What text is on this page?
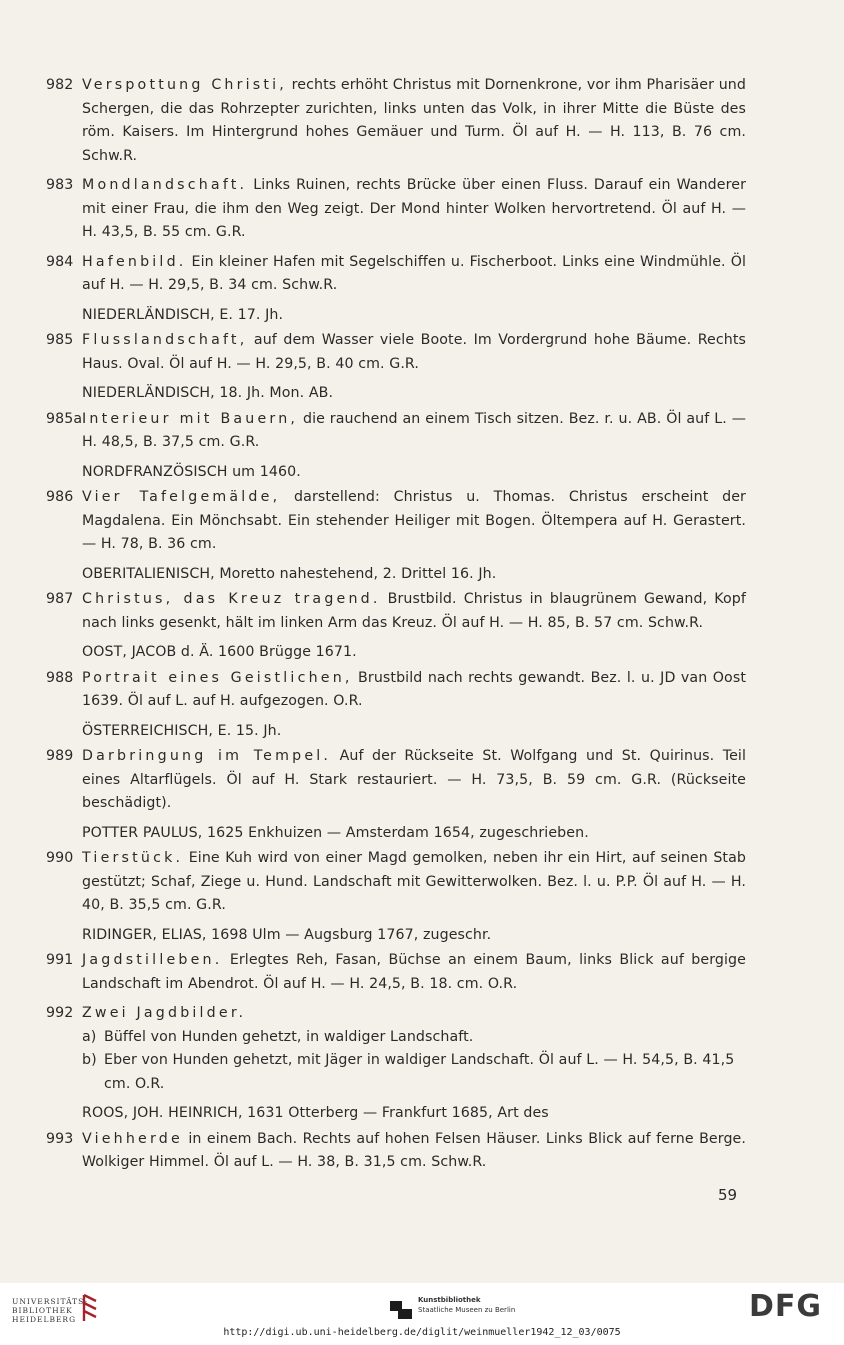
982 Verspottung Christi, rechts erhöht Christus mit Dornenkrone, vor ihm Pharisäer und Schergen, die das Rohrzepter zurichten, links unten das Volk, in ihrer Mitte die Büste des röm. Kaisers. Im Hintergrund hohes Gemäuer und Turm. Öl auf H. — H. 113, B. 76 cm. Schw.R.
983 Mondlandschaft. Links Ruinen, rechts Brücke über einen Fluss. Darauf ein Wanderer mit einer Frau, die ihm den Weg zeigt. Der Mond hinter Wolken hervortretend. Öl auf H. — H. 43,5, B. 55 cm. G.R.
984 Hafenbild. Ein kleiner Hafen mit Segelschiffen u. Fischerboot. Links eine Windmühle. Öl auf H. — H. 29,5, B. 34 cm. Schw.R.
NIEDERLÄNDISCH, E. 17. Jh.
985 Flusslandschaft, auf dem Wasser viele Boote. Im Vordergrund hohe Bäume. Rechts Haus. Oval. Öl auf H. — H. 29,5, B. 40 cm. G.R.
NIEDERLÄNDISCH, 18. Jh. Mon. AB.
985a Interieur mit Bauern, die rauchend an einem Tisch sitzen. Bez. r. u. AB. Öl auf L. — H. 48,5, B. 37,5 cm. G.R.
NORDFRANZÖSISCH um 1460.
986 Vier Tafelgemälde, darstellend: Christus u. Thomas. Christus erscheint der Magdalena. Ein Mönchsabt. Ein stehender Heiliger mit Bogen. Öltempera auf H. Gerastert. — H. 78, B. 36 cm.
OBERITALIENISCH, Moretto nahestehend, 2. Drittel 16. Jh.
987 Christus, das Kreuz tragend. Brustbild. Christus in blaugrünem Gewand, Kopf nach links gesenkt, hält im linken Arm das Kreuz. Öl auf H. — H. 85, B. 57 cm. Schw.R.
OOST, JACOB d. Ä. 1600 Brügge 1671.
988 Portrait eines Geistlichen, Brustbild nach rechts gewandt. Bez. l. u. JD van Oost 1639. Öl auf L. auf H. aufgezogen. O.R.
ÖSTERREICHISCH, E. 15. Jh.
989 Darbringung im Tempel. Auf der Rückseite St. Wolfgang und St. Quirinus. Teil eines Altarflügels. Öl auf H. Stark restauriert. — H. 73,5, B. 59 cm. G.R. (Rückseite beschädigt).
POTTER PAULUS, 1625 Enkhuizen — Amsterdam 1654, zugeschrieben.
990 Tierstück. Eine Kuh wird von einer Magd gemolken, neben ihr ein Hirt, auf seinen Stab gestützt; Schaf, Ziege u. Hund. Landschaft mit Gewitterwolken. Bez. l. u. P.P. Öl auf H. — H. 40, B. 35,5 cm. G.R.
RIDINGER, ELIAS, 1698 Ulm — Augsburg 1767, zugeschr.
991 Jagdstilleben. Erlegtes Reh, Fasan, Büchse an einem Baum, links Blick auf bergige Landschaft im Abendrot. Öl auf H. — H. 24,5, B. 18. cm. O.R.
992 Zwei Jagdbilder.
a) Büffel von Hunden gehetzt, in waldiger Landschaft.
b) Eber von Hunden gehetzt, mit Jäger in waldiger Landschaft. Öl auf L. — H. 54,5, B. 41,5 cm. O.R.
ROOS, JOH. HEINRICH, 1631 Otterberg — Frankfurt 1685, Art des
993 Viehherde in einem Bach. Rechts auf hohen Felsen Häuser. Links Blick auf ferne Berge. Wolkiger Himmel. Öl auf L. — H. 38, B. 31,5 cm. Schw.R.
59
UNIVERSITÄTS-
BIBLIOTHEK
HEIDELBERG
Kunstbibliothek
Staatliche Museen zu Berlin	DFG
http://digi.ub.uni-heidelberg.de/diglit/weinmueller1942_12_03/0075
